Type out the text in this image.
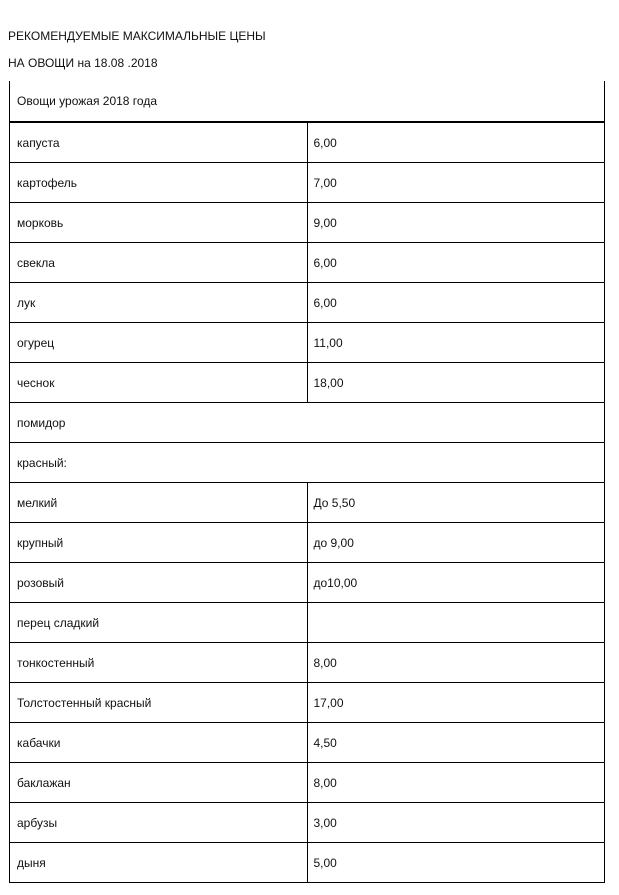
РЕКОМЕНДУЕМЫЕ МАКСИМАЛЬНЫЕ ЦЕНЫ

НА ОВОЩИ на 18.08 .2018

Овощи урожая 2018 года	
капуста	6,00
картофель	7,00
морковь	9,00
свекла	6,00
лук	6,00
огурец	11,00
чеснок	18,00
помидор	
красный:	
мелкий	До 5,50
крупный	до 9,00
розовый	до10,00
перец сладкий	
тонкостенный	8,00
Толстостенный красный	17,00
кабачки	4,50
баклажан	8,00
арбузы	3,00
дыня	5,00
